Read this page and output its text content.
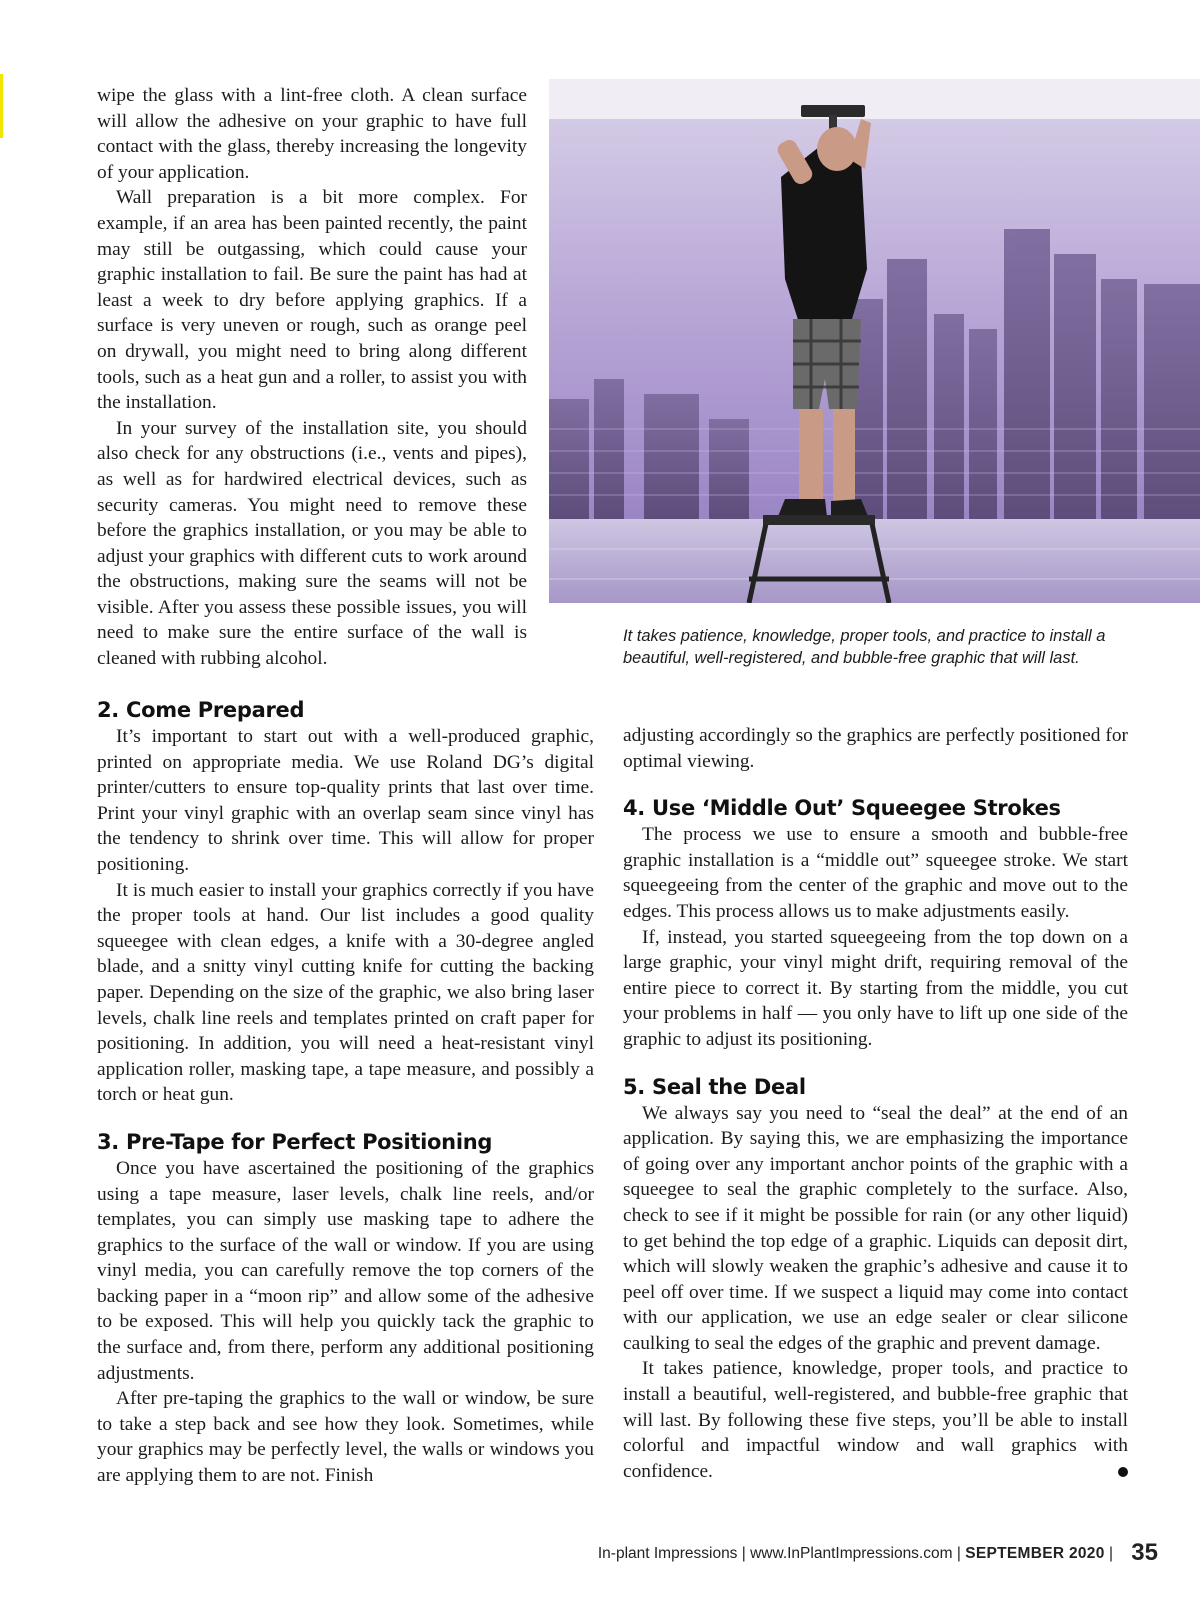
wipe the glass with a lint-free cloth. A clean surface will allow the adhesive on your graphic to have full contact with the glass, thereby increasing the longevity of your application.

Wall preparation is a bit more complex. For example, if an area has been painted recently, the paint may still be outgassing, which could cause your graphic installation to fail. Be sure the paint has had at least a week to dry before applying graphics. If a surface is very uneven or rough, such as orange peel on drywall, you might need to bring along different tools, such as a heat gun and a roller, to assist you with the installation.

In your survey of the installation site, you should also check for any obstructions (i.e., vents and pipes), as well as for hardwired electrical devices, such as security cameras. You might need to remove these before the graphics installation, or you may be able to adjust your graphics with different cuts to work around the obstructions, making sure the seams will not be visible. After you assess these possible issues, you will need to make sure the entire surface of the wall is cleaned with rubbing alcohol.

It takes patience, knowledge, proper tools, and practice to install a beautiful, well-registered, and bubble-free graphic that will last.
2. Come Prepared

It’s important to start out with a well-produced graphic, printed on appropriate media. We use Roland DG’s digital printer/cutters to ensure top-quality prints that last over time. Print your vinyl graphic with an overlap seam since vinyl has the tendency to shrink over time. This will allow for proper positioning.

It is much easier to install your graphics correctly if you have the proper tools at hand. Our list includes a good quality squeegee with clean edges, a knife with a 30-degree angled blade, and a snitty vinyl cutting knife for cutting the backing paper. Depending on the size of the graphic, we also bring laser levels, chalk line reels and templates printed on craft paper for positioning. In addition, you will need a heat-resistant vinyl application roller, masking tape, a tape measure, and possibly a torch or heat gun.

3. Pre-Tape for Perfect Positioning

Once you have ascertained the positioning of the graphics using a tape measure, laser levels, chalk line reels, and/or templates, you can simply use masking tape to adhere the graphics to the surface of the wall or window. If you are using vinyl media, you can carefully remove the top corners of the backing paper in a “moon rip” and allow some of the adhesive to be exposed. This will help you quickly tack the graphic to the surface and, from there, perform any additional positioning adjustments.

After pre-taping the graphics to the wall or window, be sure to take a step back and see how they look. Sometimes, while your graphics may be perfectly level, the walls or windows you are applying them to are not. Finish

adjusting accordingly so the graphics are perfectly positioned for optimal viewing.

4. Use ‘Middle Out’ Squeegee Strokes

The process we use to ensure a smooth and bubble-free graphic installation is a “middle out” squeegee stroke. We start squeegeeing from the center of the graphic and move out to the edges. This process allows us to make adjustments easily.

If, instead, you started squeegeeing from the top down on a large graphic, your vinyl might drift, requiring removal of the entire piece to correct it. By starting from the middle, you cut your problems in half — you only have to lift up one side of the graphic to adjust its positioning.

5. Seal the Deal

We always say you need to “seal the deal” at the end of an application. By saying this, we are emphasizing the importance of going over any important anchor points of the graphic with a squeegee to seal the graphic completely to the surface. Also, check to see if it might be possible for rain (or any other liquid) to get behind the top edge of a graphic. Liquids can deposit dirt, which will slowly weaken the graphic’s adhesive and cause it to peel off over time. If we suspect a liquid may come into contact with our application, we use an edge sealer or clear silicone caulking to seal the edges of the graphic and prevent damage.

It takes patience, knowledge, proper tools, and practice to install a beautiful, well-registered, and bubble-free graphic that will last. By following these five steps, you’ll be able to install colorful and impactful window and wall graphics with confidence.

In-plant Impressions | www.InPlantImpressions.com | SEPTEMBER 2020 | 35
